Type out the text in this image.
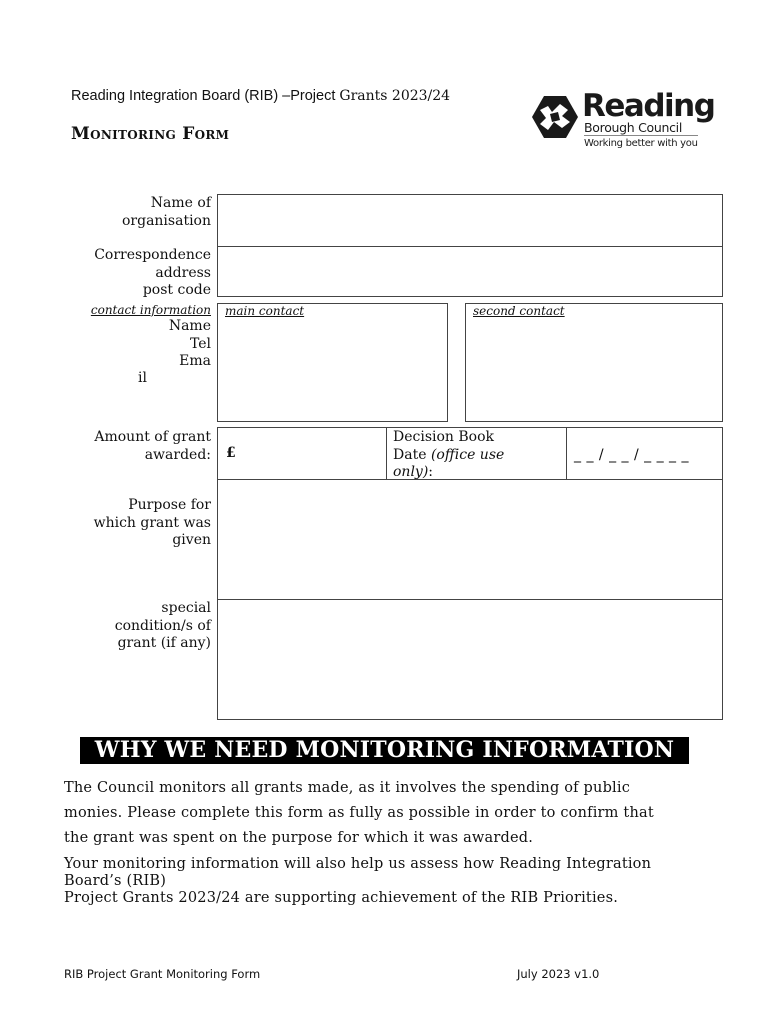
Reading Integration Board (RIB) –Project Grants 2023/24
Monitoring Form
Reading
Borough Council
Working better with you
Name of
organisation
Correspondence
address
post code
contact information
Name
Tel
Ema
il
main contact	second contact
Amount of grant
awarded: £
Decision Book
Date (office use
only):
_ _ / _ _ / _ _ _ _
Purpose for
which grant was
given
special
condition/s of
grant (if any)
WHY WE NEED MONITORING INFORMATION
The Council monitors all grants made, as it involves the spending of public
monies. Please complete this form as fully as possible in order to confirm that
the grant was spent on the purpose for which it was awarded.
Your monitoring information will also help us assess how Reading Integration
Board’s (RIB)
Project Grants 2023/24 are supporting achievement of the RIB Priorities.
RIB Project Grant Monitoring Form	July 2023 v1.0
